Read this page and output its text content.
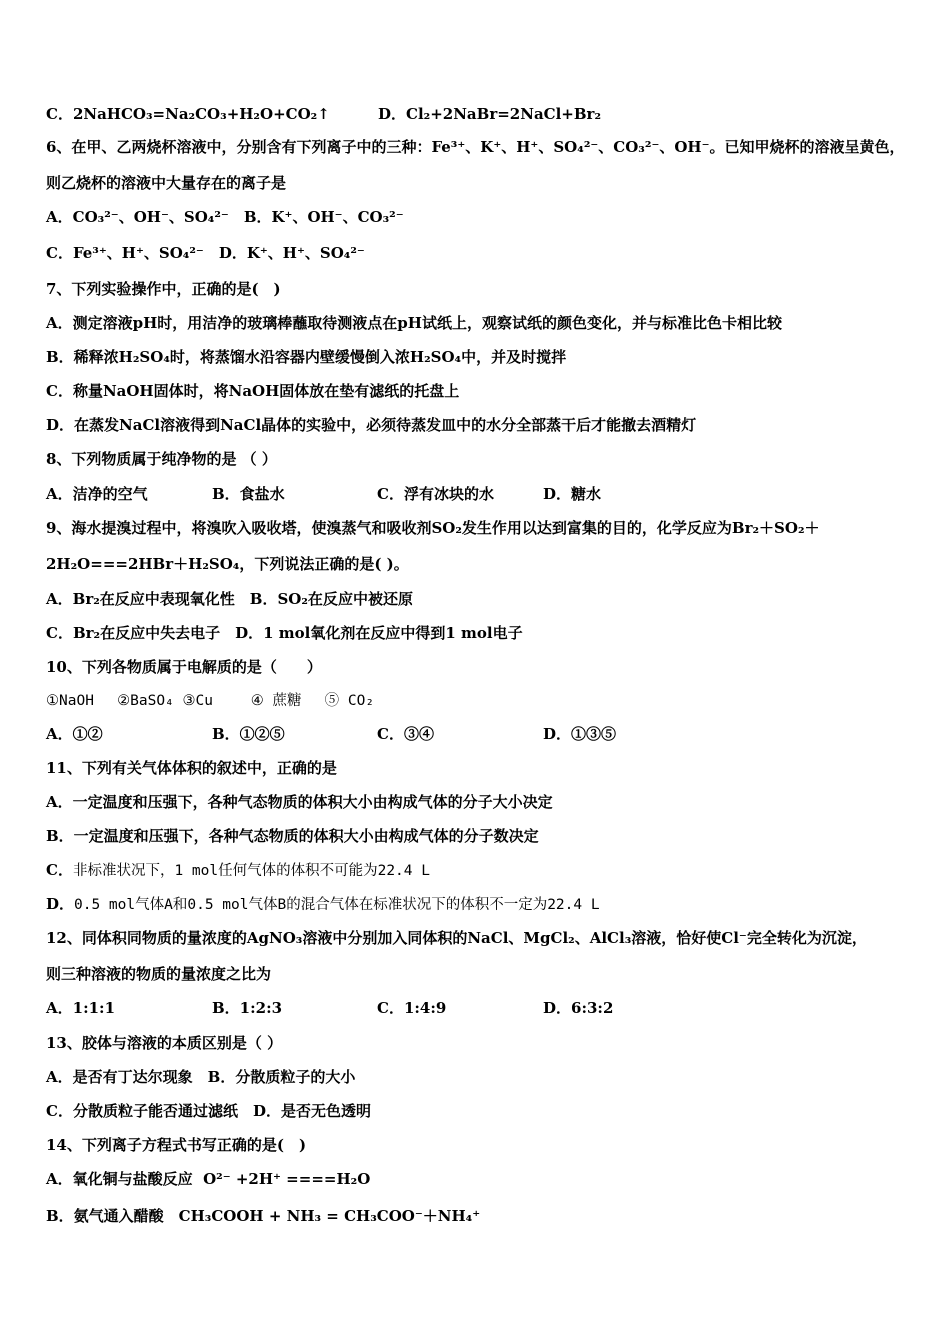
C．2NaHCO₃=Na₂CO₃+H₂O+CO₂↑

	D．Cl₂+2NaBr=2NaCl+Br₂

6、在甲、乙两烧杯溶液中，分别含有下列离子中的三种：Fe³⁺、K⁺、H⁺、SO₄²⁻、CO₃²⁻、OH⁻。已知甲烧杯的溶液呈黄色，
则乙烧杯的溶液中大量存在的离子是
A．CO₃²⁻、OH⁻、SO₄²⁻　B．K⁺、OH⁻、CO₃²⁻
C．Fe³⁺、H⁺、SO₄²⁻　D．K⁺、H⁺、SO₄²⁻
7、下列实验操作中，正确的是(　)
A．测定溶液pH时，用洁净的玻璃棒蘸取待测液点在pH试纸上，观察试纸的颜色变化，并与标准比色卡相比较
B．稀释浓H₂SO₄时，将蒸馏水沿容器内壁缓慢倒入浓H₂SO₄中，并及时搅拌
C．称量NaOH固体时，将NaOH固体放在垫有滤纸的托盘上
D．在蒸发NaCl溶液得到NaCl晶体的实验中，必须待蒸发皿中的水分全部蒸干后才能撤去酒精灯
8、下列物质属于纯净物的是 （ ）

A．洁净的空气

	B．食盐水

	C．浮有冰块的水

	D．糖水

9、海水提溴过程中，将溴吹入吸收塔，使溴蒸气和吸收剂SO₂发生作用以达到富集的目的，化学反应为Br₂＋SO₂＋
2H₂O===2HBr＋H₂SO₄，下列说法正确的是( )。
A．Br₂在反应中表现氧化性　B．SO₂在反应中被还原
C．Br₂在反应中失去电子　D．1 mol氧化剂在反应中得到1 mol电子
10、下列各物质属于电解质的是（　　）
①NaOH　 ②BaSO₄ ③Cu　　 ④ 蔗糖　 ⑤ CO₂

A．①②

	B．①②⑤

	C．③④

	D．①③⑤

11、下列有关气体体积的叙述中，正确的是
A．一定温度和压强下，各种气态物质的体积大小由构成气体的分子大小决定
B．一定温度和压强下，各种气态物质的体积大小由构成气体的分子数决定
C．非标准状况下，1 mol任何气体的体积不可能为22.4 L
D．0.5 mol气体A和0.5 mol气体B的混合气体在标准状况下的体积不一定为22.4 L
12、同体积同物质的量浓度的AgNO₃溶液中分别加入同体积的NaCl、MgCl₂、AlCl₃溶液，恰好使Cl⁻完全转化为沉淀，
则三种溶液的物质的量浓度之比为

A．1:1:1

	B．1:2:3

	C．1:4:9

	D．6:3:2

13、胶体与溶液的本质区别是（ ）
A．是否有丁达尔现象　B．分散质粒子的大小
C．分散质粒子能否通过滤纸　D．是否无色透明
14、下列离子方程式书写正确的是(　)
A．氧化铜与盐酸反应  O²⁻ +2H⁺ ====H₂O
B．氨气通入醋酸　CH₃COOH + NH₃ = CH₃COO⁻＋NH₄⁺
